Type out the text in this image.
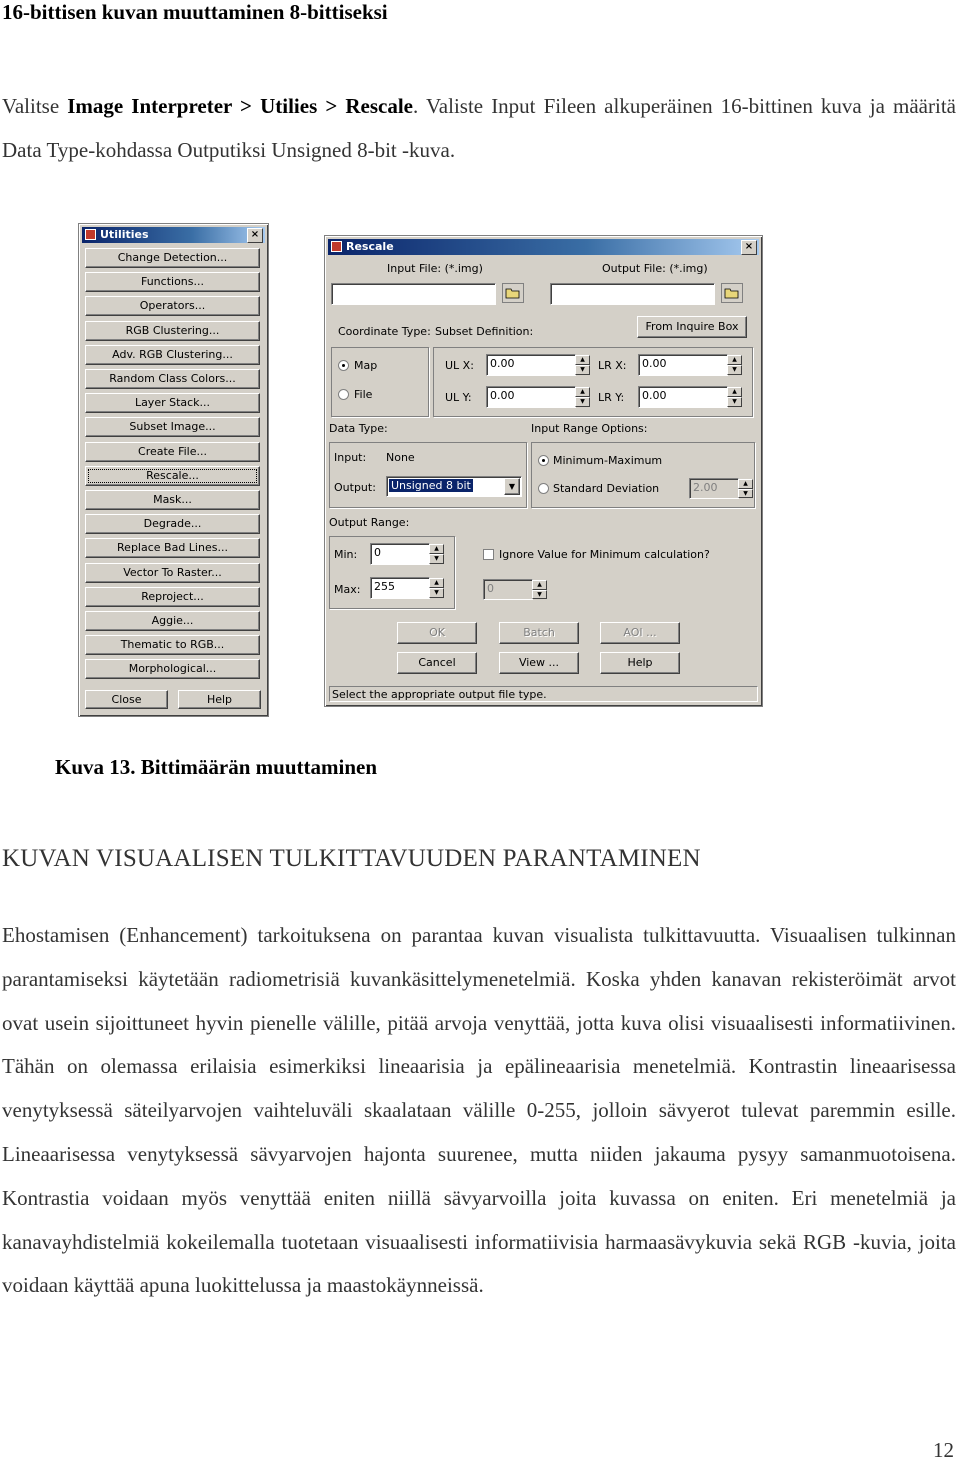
16-bittisen kuvan muuttaminen 8-bittiseksi
Valitse Image Interpreter > Utilies > Rescale. Valiste Input Fileen alkuperäinen 16-bittinen kuva ja määritä Data Type-kohdassa Outputiksi Unsigned 8-bit -kuva.
Utilities	×
Change Detection...
Functions...
Operators...
RGB Clustering...
Adv. RGB Clustering...
Random Class Colors...
Layer Stack...
Subset Image...
Create File...
Rescale...
Mask...
Degrade...
Replace Bad Lines...
Vector To Raster...
Reproject...
Aggie...
Thematic to RGB...
Morphological...
Close	Help
Rescale	×
Input File: (*.img)	Output File: (*.img)
Coordinate Type: Subset Definition:	From Inquire Box
Map
File
UL X:	0.00	▲
▼	LR X:	0.00	▲
▼
UL Y:	0.00	▲
▼	LR Y:	0.00	▲
▼
Data Type:	Input Range Options:
Input: None
Output:	Unsigned 8 bit	▼
Minimum-Maximum
Standard Deviation	2.00	▲
▼
Output Range:
Min:	0	▲
▼
Max:	255	▲
▼
Ignore Value for Minimum calculation?
0	▲
▼
OK	Batch	AOI ...
Cancel	View ...	Help
Select the appropriate output file type.
Kuva 13. Bittimäärän muuttaminen
KUVAN VISUAALISEN TULKITTAVUUDEN PARANTAMINEN
Ehostamisen (Enhancement) tarkoituksena on parantaa kuvan visualista tulkittavuutta. Visuaalisen tulkinnan parantamiseksi käytetään radiometrisiä kuvankäsittelymenetelmiä. Koska yhden kanavan rekisteröimät arvot ovat usein sijoittuneet hyvin pienelle välille, pitää arvoja venyttää, jotta kuva olisi visuaalisesti informatiivinen. Tähän on olemassa erilaisia esimerkiksi lineaarisia ja epälineaarisia menetelmiä. Kontrastin lineaarisessa venytyksessä säteilyarvojen vaihteluväli skaalataan välille 0-255, jolloin sävyerot tulevat paremmin esille. Lineaarisessa venytyksessä sävyarvojen hajonta suurenee, mutta niiden jakauma pysyy samanmuotoisena. Kontrastia voidaan myös venyttää eniten niillä sävyarvoilla joita kuvassa on eniten. Eri menetelmiä ja kanavayhdistelmiä kokeilemalla tuotetaan visuaalisesti informatiivisia harmaasävykuvia sekä RGB -kuvia, joita voidaan käyttää apuna luokittelussa ja maastokäynneissä.
12
